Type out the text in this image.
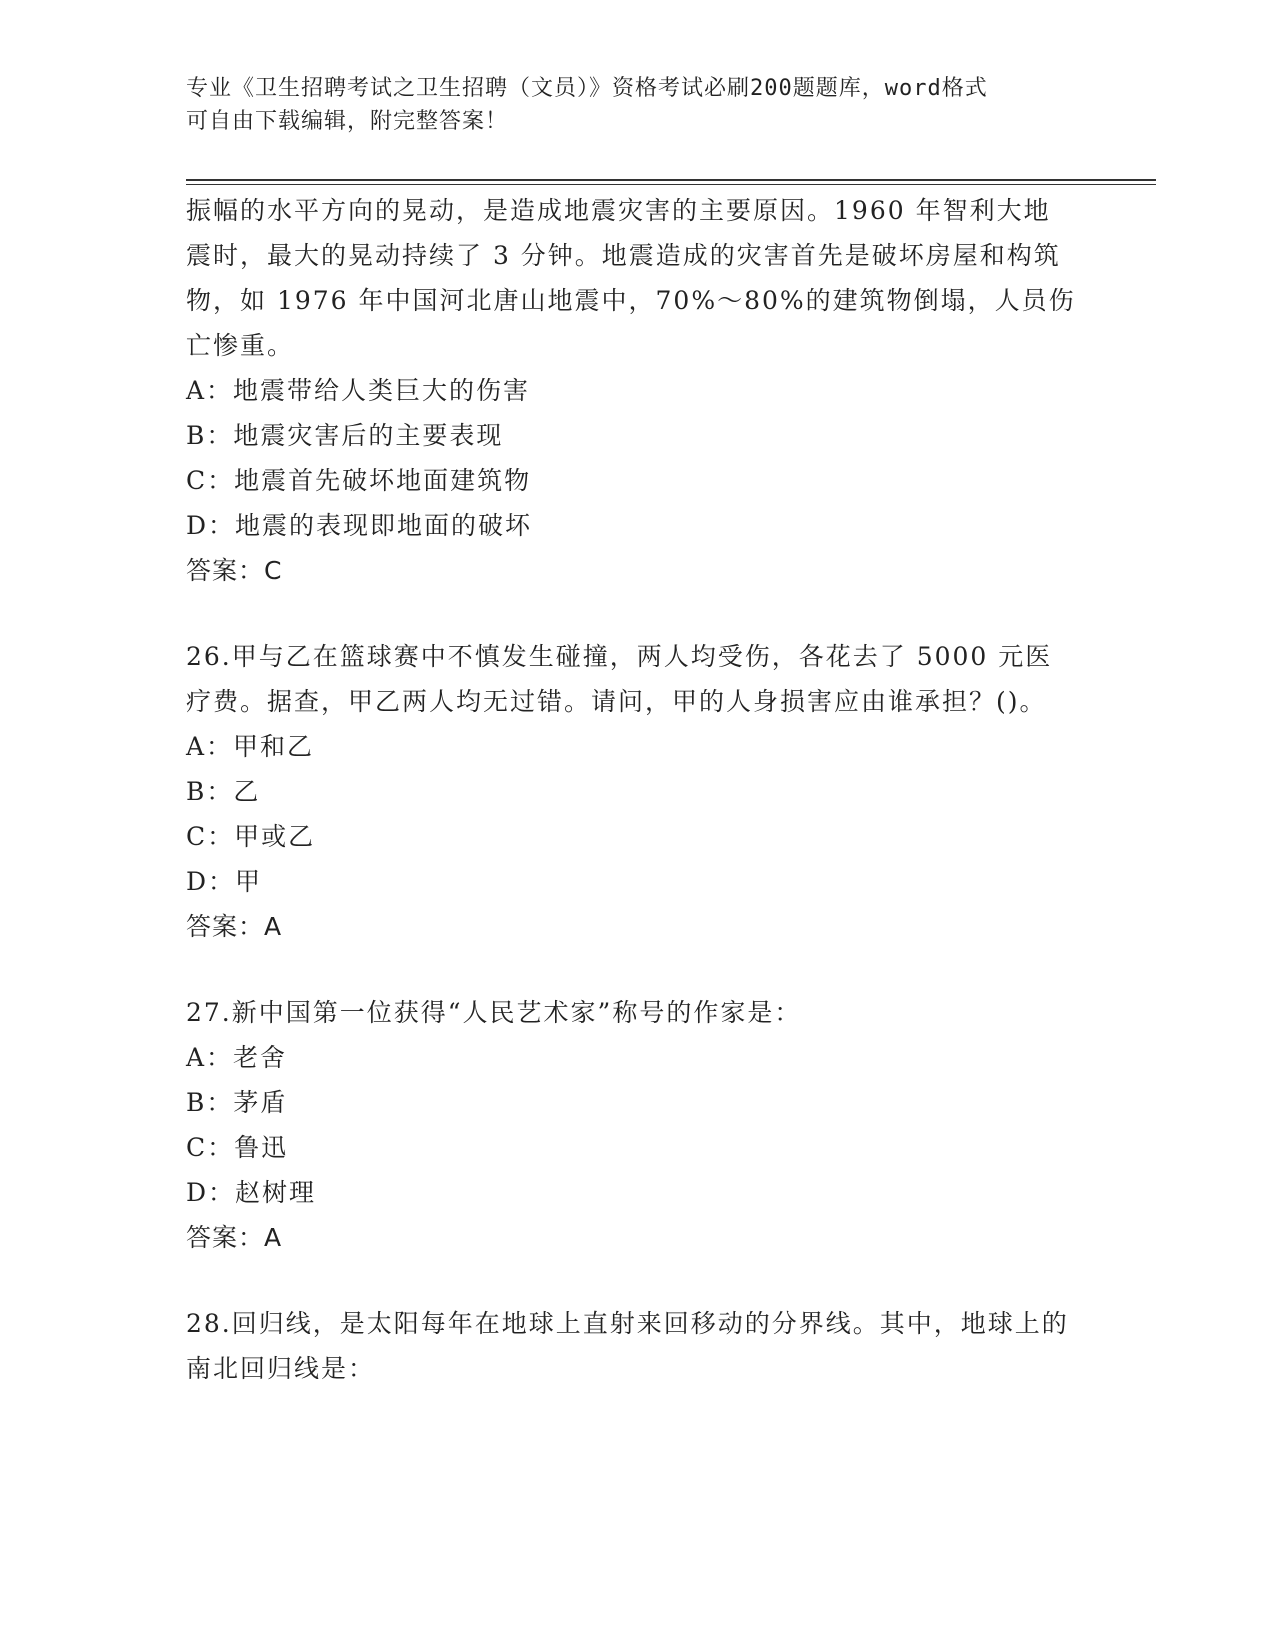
专业《卫生招聘考试之卫生招聘（文员）》资格考试必刷200题题库，word格式
可自由下载编辑，附完整答案！
振幅的水平方向的晃动，是造成地震灾害的主要原因。1960 年智利大地震时，最大的晃动持续了 3 分钟。地震造成的灾害首先是破坏房屋和构筑物，如 1976 年中国河北唐山地震中，70%～80%的建筑物倒塌，人员伤亡惨重。
A：地震带给人类巨大的伤害
B：地震灾害后的主要表现
C：地震首先破坏地面建筑物
D：地震的表现即地面的破坏
答案：C
26.甲与乙在篮球赛中不慎发生碰撞，两人均受伤，各花去了 5000 元医疗费。据查，甲乙两人均无过错。请问，甲的人身损害应由谁承担？()。
A：甲和乙
B：乙
C：甲或乙
D：甲
答案：A
27.新中国第一位获得“人民艺术家”称号的作家是：
A：老舍
B：茅盾
C：鲁迅
D：赵树理
答案：A
28.回归线，是太阳每年在地球上直射来回移动的分界线。其中，地球上的南北回归线是：
